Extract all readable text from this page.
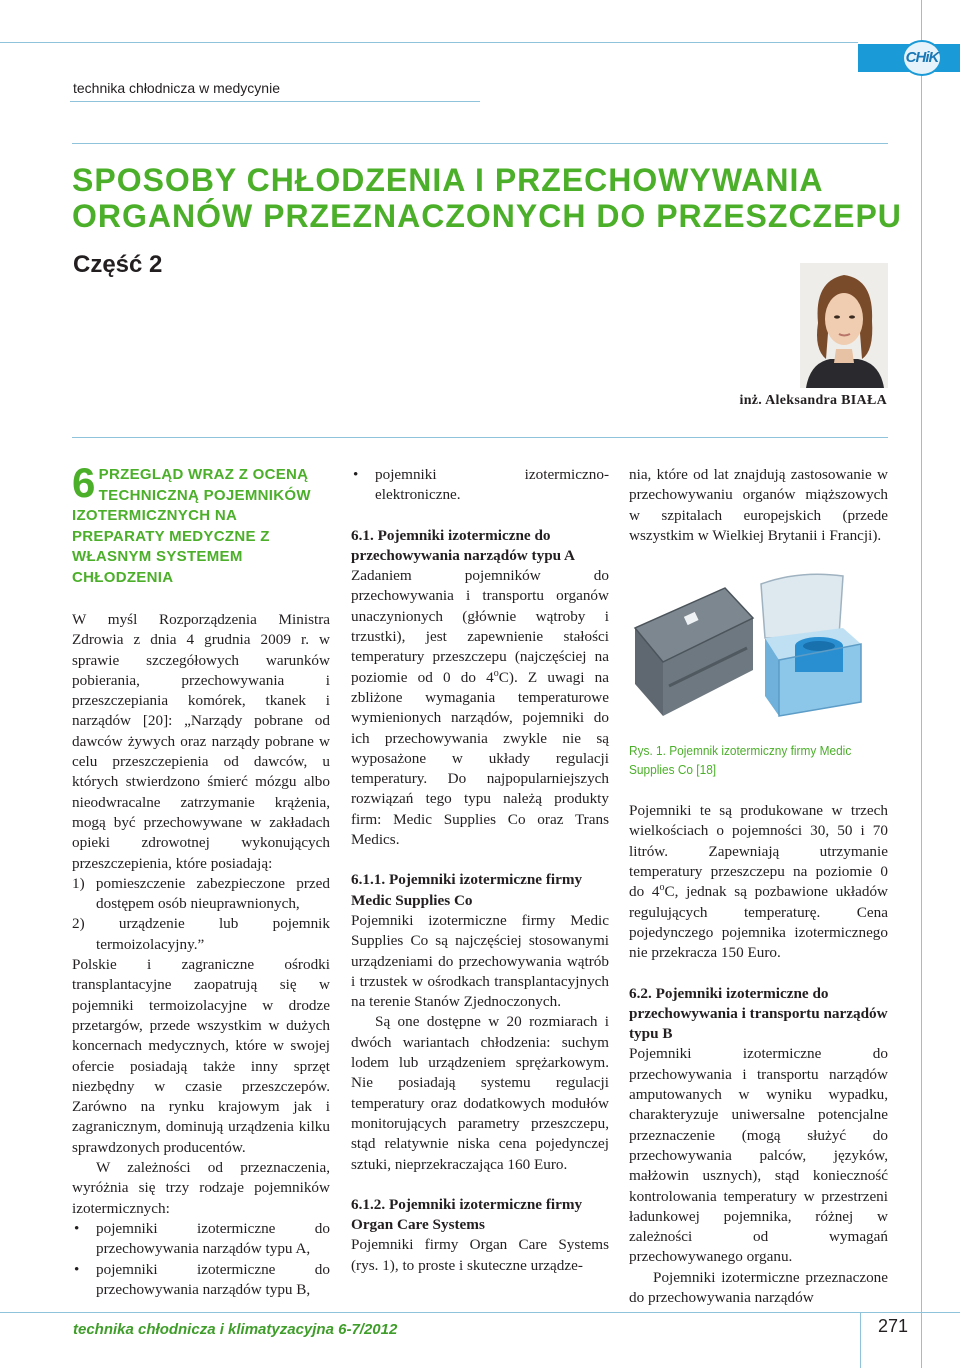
CHiK
technika chłodnicza w medycynie
SPOSOBY CHŁODZENIA I PRZECHOWYWANIA ORGANÓW PRZEZNACZONYCH DO PRZESZCZEPU
Część 2
inż. Aleksandra BIAŁA
6 PRZEGLĄD WRAZ Z OCENĄ TECHNICZNĄ POJEMNIKÓW IZOTERMICZNYCH NA PREPARATY MEDYCZNE Z WŁASNYM SYSTEMEM CHŁODZENIA

W myśl Rozporządzenia Ministra Zdrowia z dnia 4 grudnia 2009 r. w sprawie szczegółowych warunków pobierania, przechowywania i przeszczepiania komórek, tkanek i narządów [20]: „Narządy pobrane od dawców żywych oraz narządy pobrane w celu przeszczepienia od dawców, u których stwierdzono śmierć mózgu albo nieodwracalne zatrzymanie krążenia, mogą być przechowywane w zakładach opieki zdrowotnej wykonujących przeszczepienia, które posiadają:

1) pomieszczenie zabezpieczone przed dostępem osób nieuprawnionych,
2) urządzenie lub pojemnik termoizolacyjny.”

Polskie i zagraniczne ośrodki transplantacyjne zaopatrują się w pojemniki termoizolacyjne w drodze przetargów, przede wszystkim w dużych koncernach medycznych, które w swojej ofercie posiadają także inny sprzęt niezbędny w czasie przeszczepów. Zarówno na rynku krajowym jak i zagranicznym, dominują urządzenia kilku sprawdzonych producentów.

W zależności od przeznaczenia, wyróżnia się trzy rodzaje pojemników izotermicznych:

• pojemniki izotermiczne do przechowywania narządów typu A,
• pojemniki izotermiczne do przechowywania narządów typu B,
• pojemniki izotermiczno-elektroniczne.

6.1. Pojemniki izotermiczne do przechowywania narządów typu A

Zadaniem pojemników do przechowywania i transportu organów unaczynionych (głównie wątroby i trzustki), jest zapewnienie stałości temperatury przeszczepu (najczęściej na poziomie od 0 do 4$^o$C). Z uwagi na zbliżone wymagania temperaturowe wymienionych narządów, pojemniki do ich przechowywania zwykle nie są wyposażone w układy regulacji temperatury. Do najpopularniejszych rozwiązań tego typu należą produkty firm: Medic Supplies Co oraz Trans Medics.

6.1.1. Pojemniki izotermiczne firmy Medic Supplies Co

Pojemniki izotermiczne firmy Medic Supplies Co są najczęściej stosowanymi urządzeniami do przechowywania wątrób i trzustek w ośrodkach transplantacyjnych na terenie Stanów Zjednoczonych.

Są one dostępne w 20 rozmiarach i dwóch wariantach chłodzenia: suchym lodem lub urządzeniem sprężarkowym. Nie posiadają systemu regulacji temperatury oraz dodatkowych modułów monitorujących parametry przeszczepu, stąd relatywnie niska cena pojedynczej sztuki, nieprzekraczająca 160 Euro.

6.1.2. Pojemniki izotermiczne firmy Organ Care Systems

Pojemniki firmy Organ Care Systems (rys. 1), to proste i skuteczne urządze-

nia, które od lat znajdują zastosowanie w przechowywaniu organów miąższowych w szpitalach europejskich (przede wszystkim w Wielkiej Brytanii i Francji).

Rys. 1. Pojemnik izotermiczny firmy Medic Supplies Co [18]

Pojemniki te są produkowane w trzech wielkościach o pojemności 30, 50 i 70 litrów. Zapewniają utrzymanie temperatury przeszczepu na poziomie 0 do 4$^o$C, jednak są pozbawione układów regulujących temperaturę. Cena pojedynczego pojemnika izotermicznego nie przekracza 150 Euro.

6.2. Pojemniki izotermiczne do przechowywania i transportu narządów typu B

Pojemniki izotermiczne do przechowywania i transportu narządów amputowanych w wyniku wypadku, charakteryzuje uniwersalne potencjalne przeznaczenie (mogą służyć do przechowywania palców, języków, małżowin usznych), stąd konieczność kontrolowania temperatury w przestrzeni ładunkowej pojemnika, różnej w zależności od wymagań przechowywanego organu.

Pojemniki izotermiczne przeznaczone do przechowywania narządów

technika chłodnicza i klimatyzacyjna 6-7/2012	271
